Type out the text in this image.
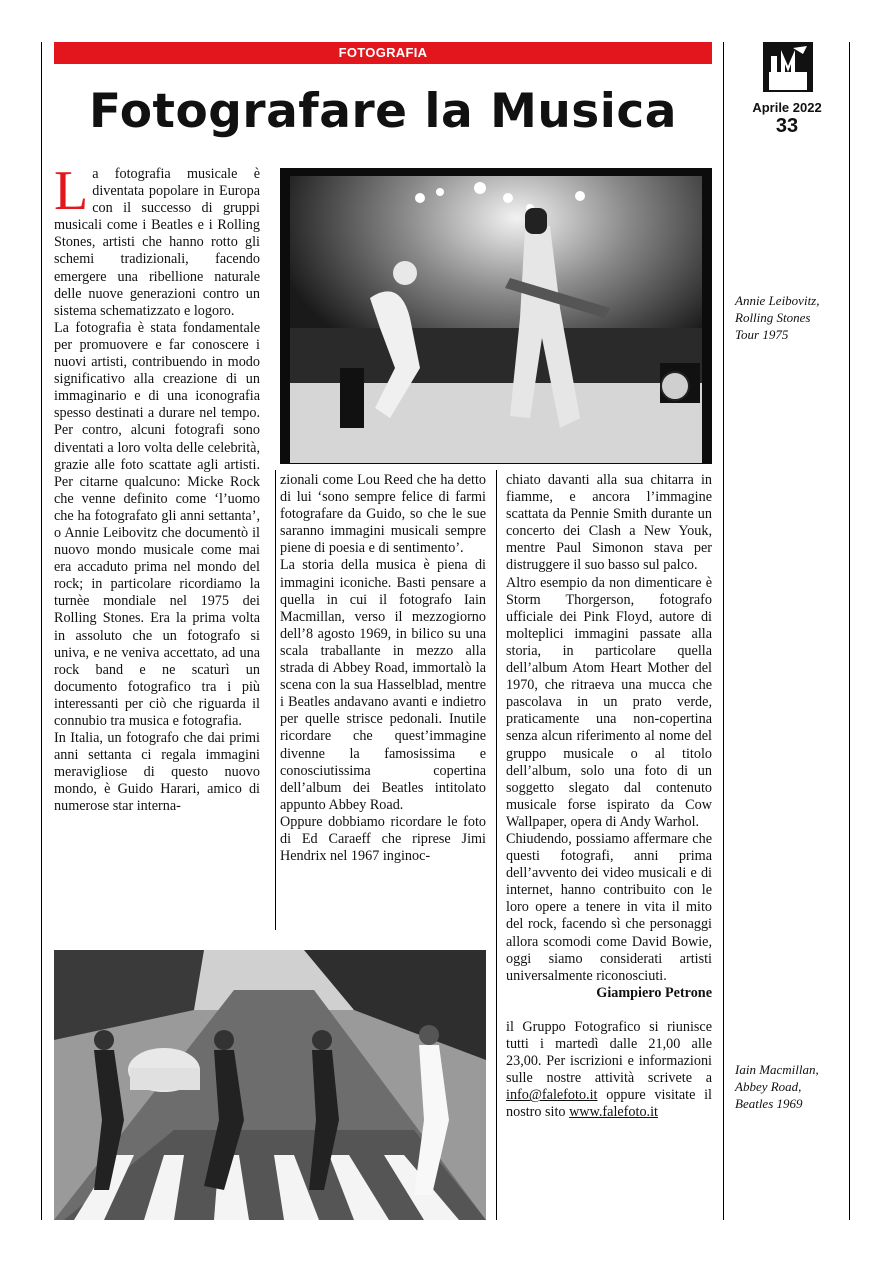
FOTOGRAFIA
Fotografare la Musica	Aprile 2022
33
Annie Leibovitz,
Rolling Stones
Tour 1975
Iain Macmillan,
Abbey Road,
Beatles 1969

La fotografia musicale è diventata popolare in Europa con il successo di gruppi musicali come i Beatles e i Rolling Stones, artisti che hanno rotto gli schemi tradizionali, facendo emergere una ribellione naturale delle nuove generazioni contro un sistema schematizzato e logoro.

La fotografia è stata fondamentale per promuovere e far conoscere i nuovi artisti, contribuendo in modo significativo alla creazione di un immaginario e di una iconografia spesso destinati a durare nel tempo. Per contro, alcuni fotografi sono diventati a loro volta delle celebrità, grazie alle foto scattate agli artisti. Per citarne qualcuno: Micke Rock che venne definito come ‘l’uomo che ha fotografato gli anni settanta’, o Annie Leibovitz che documentò il nuovo mondo musicale come mai era accaduto prima nel mondo del rock; in particolare ricordiamo la turnèe mondiale nel 1975 dei Rolling Stones. Era la prima volta in assoluto che un fotografo si univa, e ne veniva accettato, ad una rock band e ne scaturì un documento fotografico tra i più interessanti per ciò che riguarda il connubio tra musica e fotografia.

In Italia, un fotografo che dai primi anni settanta ci regala immagini meravigliose di questo nuovo mondo, è Guido Harari, amico di numerose star interna-

zionali come Lou Reed che ha detto di lui ‘sono sempre felice di farmi fotografare da Guido, so che le sue saranno immagini musicali sempre piene di poesia e di sentimento’.

La storia della musica è piena di immagini iconiche. Basti pensare a quella in cui il fotografo Iain Macmillan, verso il mezzogiorno dell’8 agosto 1969, in bilico su una scala traballante in mezzo alla strada di Abbey Road, immortalò la scena con la sua Hasselblad, mentre i Beatles andavano avanti e indietro per quelle strisce pedonali. Inutile ricordare che quest’immagine divenne la famosissima e conosciutissima copertina dell’album dei Beatles intitolato appunto Abbey Road.

Oppure dobbiamo ricordare le foto di Ed Caraeff che riprese Jimi Hendrix nel 1967 inginoc-

chiato davanti alla sua chitarra in fiamme, e ancora l’immagine scattata da Pennie Smith durante un concerto dei Clash a New Youk, mentre Paul Simonon stava per distruggere il suo basso sul palco.

Altro esempio da non dimenticare è Storm Thorgerson, fotografo ufficiale dei Pink Floyd, autore di molteplici immagini passate alla storia, in particolare quella dell’album Atom Heart Mother del 1970, che ritraeva una mucca che pascolava in un prato verde, praticamente una non-copertina senza alcun riferimento al nome del gruppo musicale o al titolo dell’album, solo una foto di un soggetto slegato dal contenuto musicale forse ispirato da Cow Wallpaper, opera di Andy Warhol.

Chiudendo, possiamo affermare che questi fotografi, anni prima dell’avvento dei video musicali e di internet, hanno contribuito con le loro opere a tenere in vita il mito del rock, facendo sì che personaggi allora scomodi come David Bowie, oggi siamo considerati artisti universalmente riconosciuti.

Giampiero Petrone

il Gruppo Fotografico si riunisce tutti i martedì dalle 21,00 alle 23,00. Per iscrizioni e informazioni sulle nostre attività scrivete a info@falefoto.it oppure visitate il nostro sito www.falefoto.it
